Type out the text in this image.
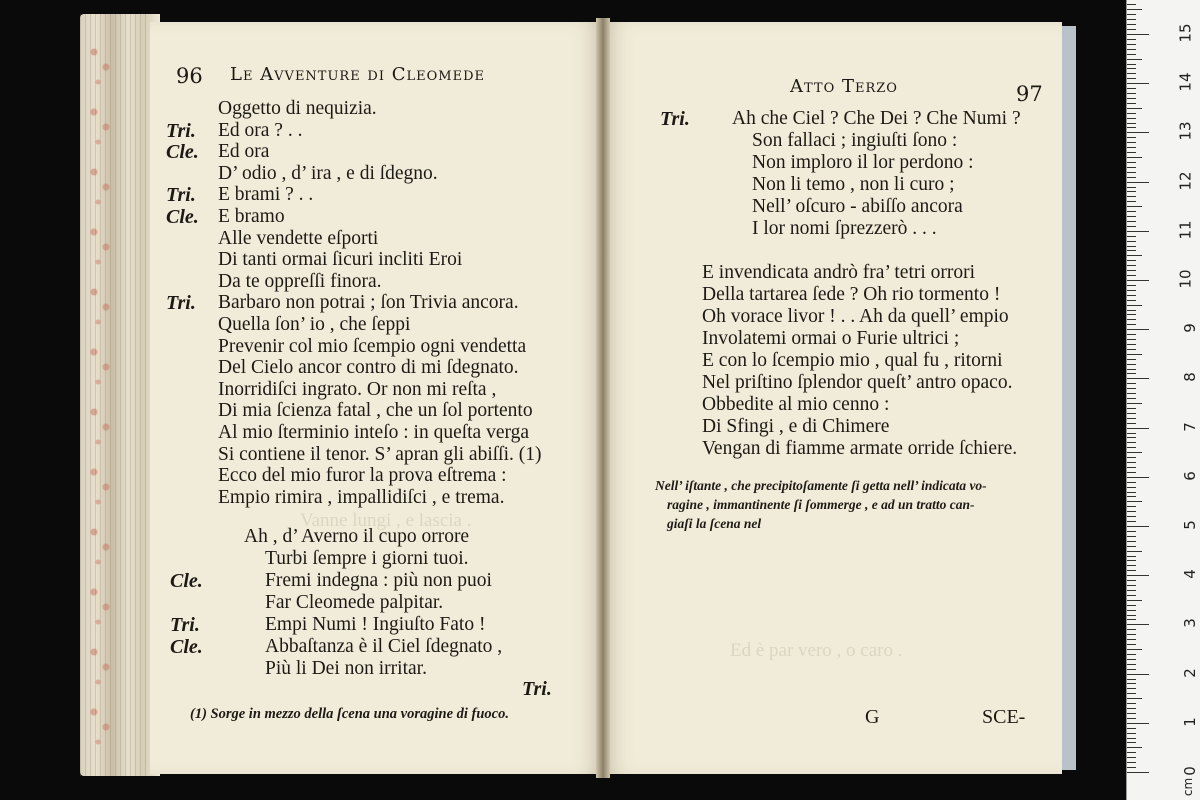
Vanne lungi , e lascia .
Ed è par vero , o caro .
96 Le Avventure di Cleomede
Oggetto di nequizia.
Tri. Ed ora ? . .
Cle. Ed ora
D’ odio , d’ ira , e di ſdegno.
Tri. E brami ? . .
Cle. E bramo
Alle vendette eſporti
Di tanti ormai ſicuri incliti Eroi
Da te oppreſſi finora.
Tri. Barbaro non potrai ; ſon Trivia ancora.
Quella ſon’ io , che ſeppi
Prevenir col mio ſcempio ogni vendetta
Del Cielo ancor contro di mi ſdegnato.
Inorridiſci ingrato. Or non mi reſta ,
Di mia ſcienza fatal , che un ſol portento
Al mio ſterminio inteſo : in queſta verga
Si contiene il tenor. S’ apran gli abiſſi. (1)
Ecco del mio furor la prova eſtrema :
Empio rimira , impallidiſci , e trema.
Ah , d’ Averno il cupo orrore
Turbi ſempre i giorni tuoi.
Cle.	Fremi indegna : più non puoi
Far Cleomede palpitar.
Tri.	Empi Numi ! Ingiuſto Fato !
Cle.	Abbaſtanza è il Ciel ſdegnato ,
Più li Dei non irritar.
Tri.
(1) Sorge in mezzo della ſcena una voragine di fuoco.
Atto Terzo	97
Tri. Ah che Ciel ? Che Dei ? Che Numi ?
Son fallaci ; ingiuſti ſono :
Non imploro il lor perdono :
Non li temo , non li curo ;
Nell’ oſcuro - abiſſo ancora
I lor nomi ſprezzerò . . .
E invendicata andrò fra’ tetri orrori
Della tartarea ſede ? Oh rio tormento !
Oh vorace livor ! . . Ah da quell’ empio
Involatemi ormai o Furie ultrici ;
E con lo ſcempio mio , qual fu , ritorni
Nel priſtino ſplendor queſt’ antro opaco.
Obbedite al mio cenno :
Di Sfingi , e di Chimere
Vengan di fiamme armate orride ſchiere.
Nell’ iſtante , che precipitoſamente ſi getta nell’ indicata vo-
ragine , immantinente ſi ſommerge , e ad un tratto can-
giaſi la ſcena nel
G	SCE-
cm
0
1
2
3
4
5
6
7
8
9
10
11
12
13
14
15
